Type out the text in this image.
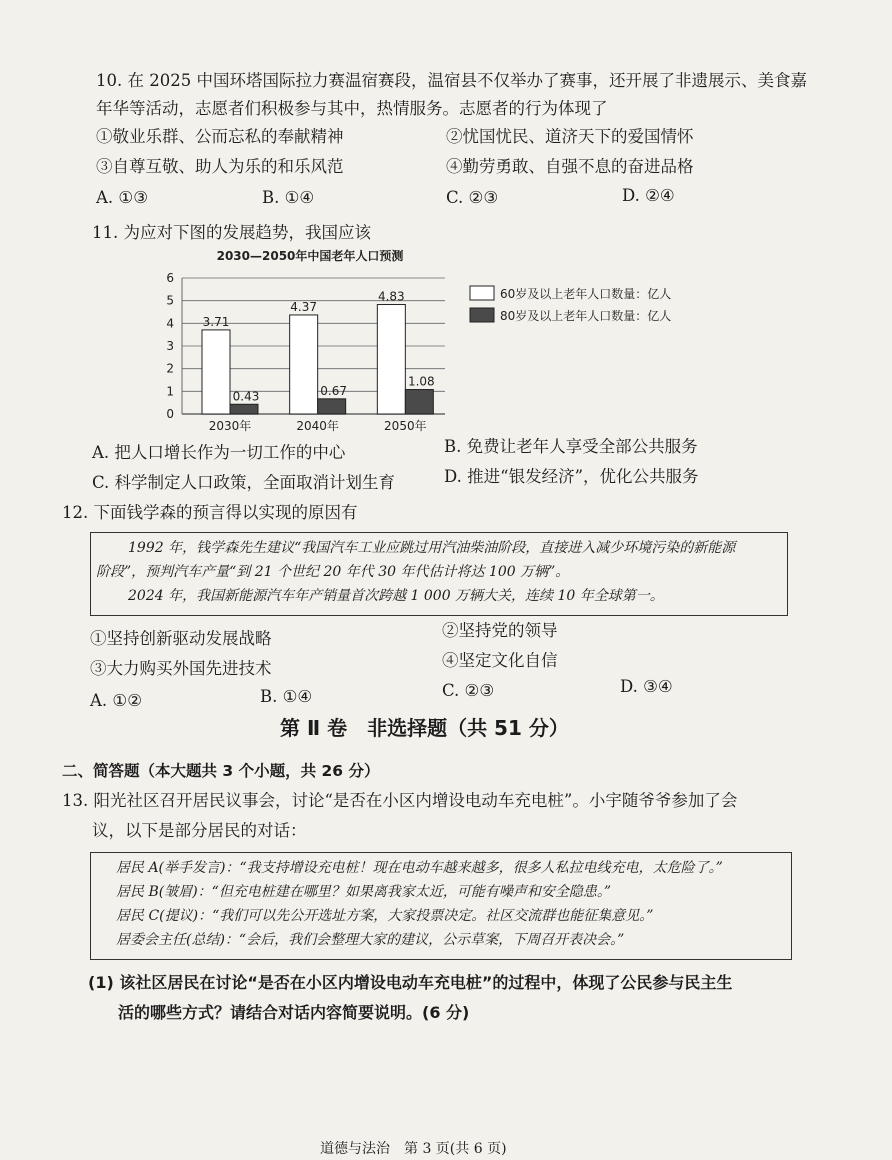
10. 在 2025 中国环塔国际拉力赛温宿赛段，温宿县不仅举办了赛事，还开展了非遗展示、美食嘉
年华等活动，志愿者们积极参与其中，热情服务。志愿者的行为体现了
①敬业乐群、公而忘私的奉献精神	②忧国忧民、道济天下的爱国情怀
③自尊互敬、助人为乐的和乐风范	④勤劳勇敢、自强不息的奋进品格
A. ①③	B. ①④	C. ②③	D. ②④
11. 为应对下图的发展趋势，我国应该
2030—2050年中国老年人口预测
3.71
0.43
4.37
0.67
4.83
1.08
0
1
2
3
4
5
6
2030年	2040年	2050年
60岁及以上老年人口数量：亿人
80岁及以上老年人口数量：亿人
A. 把人口增长作为一切工作的中心	B. 免费让老年人享受全部公共服务
C. 科学制定人口政策，全面取消计划生育	D. 推进“银发经济”，优化公共服务
12. 下面钱学森的预言得以实现的原因有
1992 年，钱学森先生建议“我国汽车工业应跳过用汽油柴油阶段，直接进入减少环境污染的新能源
阶段”，预判汽车产量“到 21 个世纪 20 年代 30 年代估计将达 100 万辆”。
2024 年，我国新能源汽车年产销量首次跨越 1 000 万辆大关，连续 10 年全球第一。
①坚持创新驱动发展战略	②坚持党的领导
③大力购买外国先进技术	④坚定文化自信
A. ①②	B. ①④	C. ②③	D. ③④
第 Ⅱ 卷　非选择题（共 51 分）
二、简答题（本大题共 3 个小题，共 26 分）
13. 阳光社区召开居民议事会，讨论“是否在小区内增设电动车充电桩”。小宇随爷爷参加了会
议，以下是部分居民的对话：
居民 A(举手发言)：“我支持增设充电桩！现在电动车越来越多，很多人私拉电线充电，太危险了。”
居民 B(皱眉)：“但充电桩建在哪里？如果离我家太近，可能有噪声和安全隐患。”
居民 C(提议)：“我们可以先公开选址方案，大家投票决定。社区交流群也能征集意见。”
居委会主任(总结)：“会后，我们会整理大家的建议，公示草案，下周召开表决会。”
(1) 该社区居民在讨论“是否在小区内增设电动车充电桩”的过程中，体现了公民参与民主生
活的哪些方式？请结合对话内容简要说明。(6 分)
道德与法治　第 3 页(共 6 页)
